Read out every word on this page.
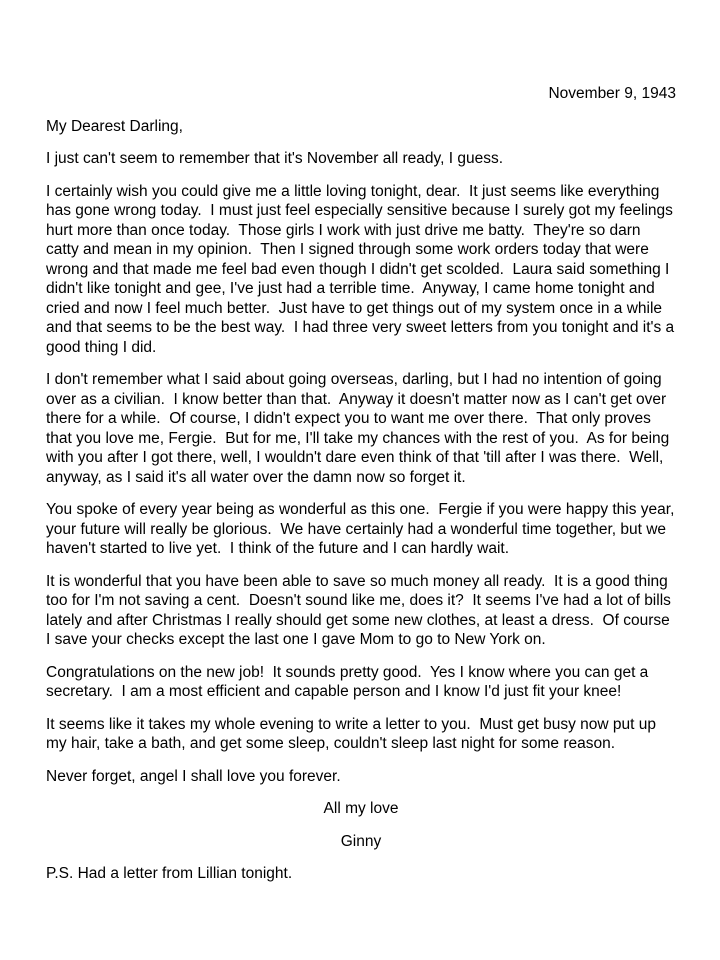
November 9, 1943

My Dearest Darling,

I just can't seem to remember that it's November all ready, I guess.

I certainly wish you could give me a little loving tonight, dear.  It just seems like everything has gone wrong today.  I must just feel especially sensitive because I surely got my feelings hurt more than once today.  Those girls I work with just drive me batty.  They're so darn catty and mean in my opinion.  Then I signed through some work orders today that were wrong and that made me feel bad even though I didn't get scolded.  Laura said something I didn't like tonight and gee, I've just had a terrible time.  Anyway, I came home tonight and cried and now I feel much better.  Just have to get things out of my system once in a while and that seems to be the best way.  I had three very sweet letters from you tonight and it's a good thing I did.

I don't remember what I said about going overseas, darling, but I had no intention of going over as a civilian.  I know better than that.  Anyway it doesn't matter now as I can't get over there for a while.  Of course, I didn't expect you to want me over there.  That only proves that you love me, Fergie.  But for me, I'll take my chances with the rest of you.  As for being with you after I got there, well, I wouldn't dare even think of that 'till after I was there.  Well, anyway, as I said it's all water over the damn now so forget it.

You spoke of every year being as wonderful as this one.  Fergie if you were happy this year, your future will really be glorious.  We have certainly had a wonderful time together, but we haven't started to live yet.  I think of the future and I can hardly wait.

It is wonderful that you have been able to save so much money all ready.  It is a good thing too for I'm not saving a cent.  Doesn't sound like me, does it?  It seems I've had a lot of bills lately and after Christmas I really should get some new clothes, at least a dress.  Of course I save your checks except the last one I gave Mom to go to New York on.

Congratulations on the new job!  It sounds pretty good.  Yes I know where you can get a secretary.  I am a most efficient and capable person and I know I'd just fit your knee!

It seems like it takes my whole evening to write a letter to you.  Must get busy now put up my hair, take a bath, and get some sleep, couldn't sleep last night for some reason.

Never forget, angel I shall love you forever.

All my love

Ginny

P.S. Had a letter from Lillian tonight.
